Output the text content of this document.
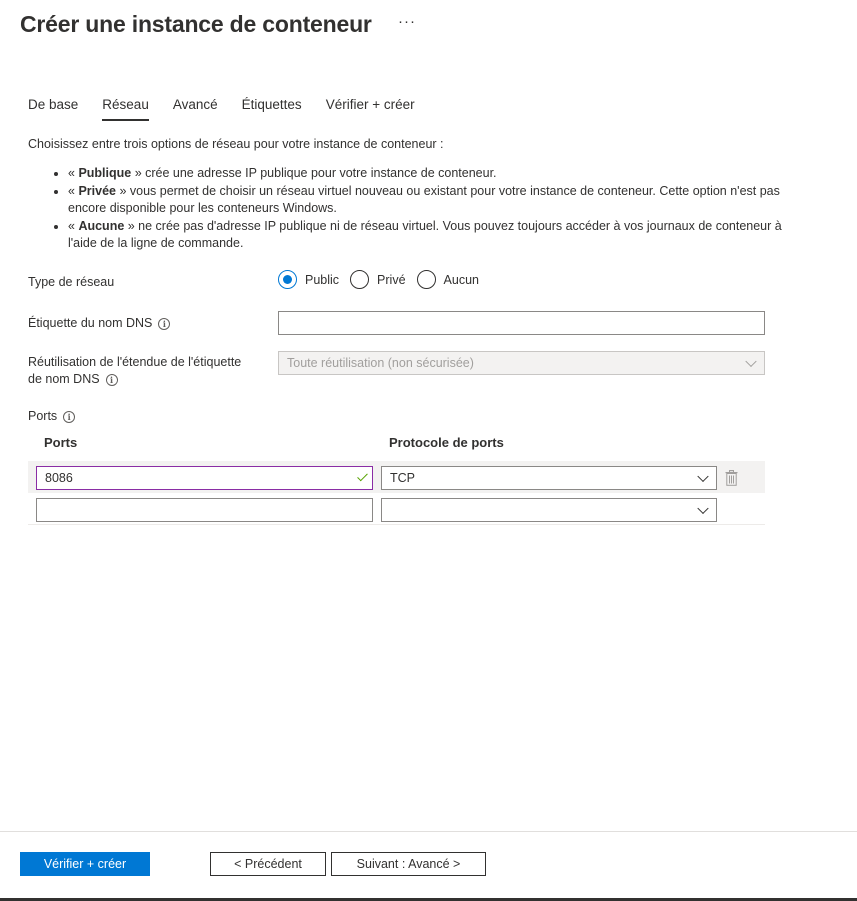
Créer une instance de conteneur ···
De base Réseau Avancé Étiquettes Vérifier + créer
Choisissez entre trois options de réseau pour votre instance de conteneur :
• « Publique » crée une adresse IP publique pour votre instance de conteneur.
• « Privée » vous permet de choisir un réseau virtuel nouveau ou existant pour votre instance de conteneur. Cette option n'est pas encore disponible pour les conteneurs Windows.
• « Aucune » ne crée pas d'adresse IP publique ni de réseau virtuel. Vous pouvez toujours accéder à vos journaux de conteneur à l'aide de la ligne de commande.
Type de réseau	Public	Privé	Aucun
Étiquette du nom DNS i
Réutilisation de l'étendue de l'étiquette
de nom DNS i
Toute réutilisation (non sécurisée)
Ports i
Ports	Protocole de ports
8086	TCP
Vérifier + créer	< Précédent	Suivant : Avancé >
